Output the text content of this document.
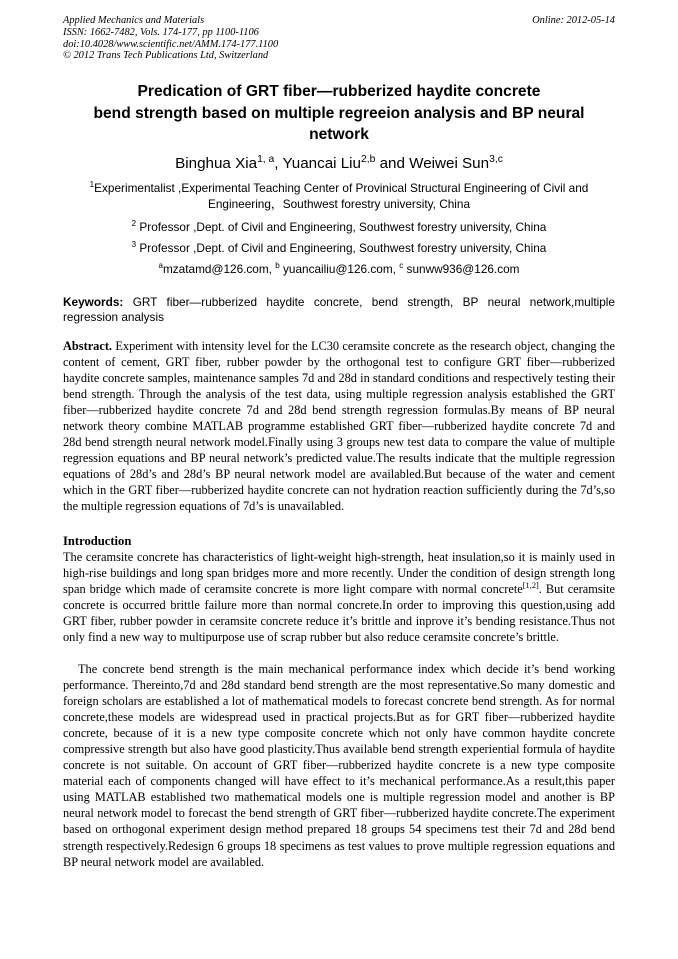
Applied Mechanics and Materials
ISSN: 1662-7482, Vols. 174-177, pp 1100-1106
doi:10.4028/www.scientific.net/AMM.174-177.1100
© 2012 Trans Tech Publications Ltd, Switzerland
Online: 2012-05-14
Predication of GRT fiber—rubberized haydite concrete
bend strength based on multiple regreeion analysis and BP neural network
Binghua Xia$^{1, a}$, Yuancai Liu$^{2,b}$ and Weiwei Sun$^{3,c}$
$^1$Experimentalist ,Experimental Teaching Center of Provinical Structural Engineering of Civil and Engineering，Southwest forestry university, China
$^2$ Professor ,Dept. of Civil and Engineering, Southwest forestry university, China
$^3$ Professor ,Dept. of Civil and Engineering, Southwest forestry university, China
$^a$mzatamd@126.com, $^b$ yuancailiu@126.com, $^c$ sunww936@126.com
Keywords: GRT fiber—rubberized haydite concrete, bend strength, BP neural network,multiple regression analysis

Abstract. Experiment with intensity level for the LC30 ceramsite concrete as the research object, changing the content of cement, GRT fiber, rubber powder by the orthogonal test to configure GRT fiber—rubberized haydite concrete samples, maintenance samples 7d and 28d in standard conditions and respectively testing their bend strength. Through the analysis of the test data, using multiple regression analysis established the GRT fiber—rubberized haydite concrete 7d and 28d bend strength regression formulas.By means of BP neural network theory combine MATLAB programme established GRT fiber—rubberized haydite concrete 7d and 28d bend strength neural network model.Finally using 3 groups new test data to compare the value of multiple regression equations and BP neural network’s predicted value.The results indicate that the multiple regression equations of 28d’s and 28d’s BP neural network model are availabled.But because of the water and cement which in the GRT fiber—rubberized haydite concrete can not hydration reaction sufficiently during the 7d’s,so the multiple regression equations of 7d’s is unavailabled.

Introduction

The ceramsite concrete has characteristics of light-weight high-strength, heat insulation,so it is mainly used in high-rise buildings and long span bridges more and more recently. Under the condition of design strength long span bridge which made of ceramsite concrete is more light compare with normal concrete[1,2]. But ceramsite concrete is occurred brittle failure more than normal concrete.In order to improving this question,using add GRT fiber, rubber powder in ceramsite concrete reduce it’s brittle and inprove it’s bending resistance.Thus not only find a new way to multipurpose use of scrap rubber but also reduce ceramsite concrete’s brittle.

The concrete bend strength is the main mechanical performance index which decide it’s bend working performance. Thereinto,7d and 28d standard bend strength are the most representative.So many domestic and foreign scholars are established a lot of mathematical models to forecast concrete bend strength. As for normal concrete,these models are widespread used in practical projects.But as for GRT fiber—rubberized haydite concrete, because of it is a new type composite concrete which not only have common haydite concrete compressive strength but also have good plasticity.Thus available bend strength experiential formula of haydite concrete is not suitable. On account of GRT fiber—rubberized haydite concrete is a new type composite material each of components changed will have effect to it’s mechanical performance.As a result,this paper using MATLAB established two mathematical models one is multiple regression model and another is BP neural network model to forecast the bend strength of GRT fiber—rubberized haydite concrete.The experiment based on orthogonal experiment design method prepared 18 groups 54 specimens test their 7d and 28d bend strength respectively.Redesign 6 groups 18 specimens as test values to prove multiple regression equations and BP neural network model are availabled.
